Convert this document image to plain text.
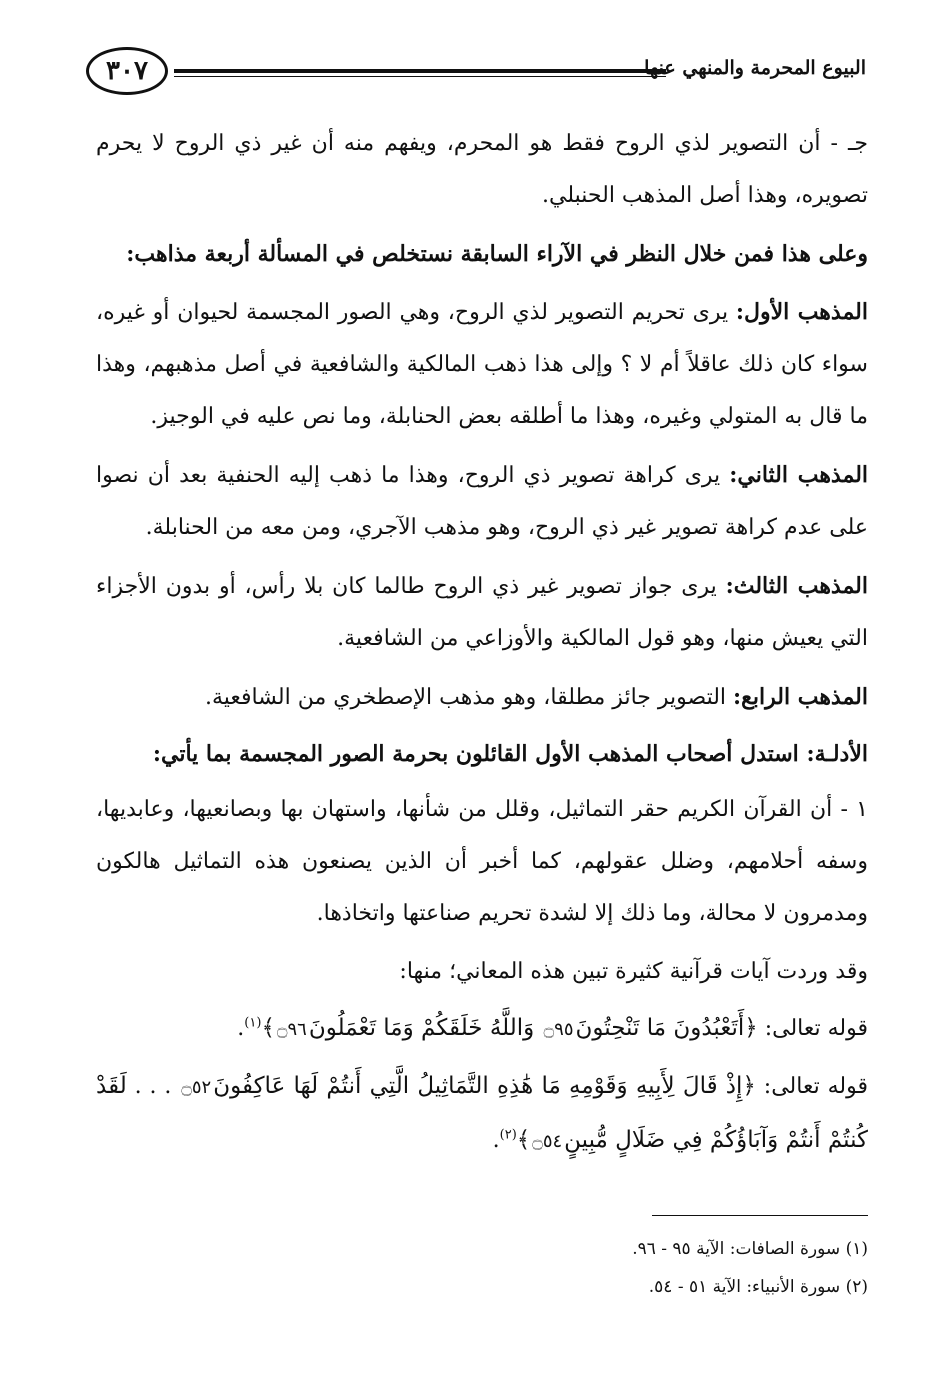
٣٠٧	البيوع المحرمة والمنهي عنها

جـ - أن التصوير لذي الروح فقط هو المحرم، ويفهم منه أن غير ذي الروح لا يحرم تصويره، وهذا أصل المذهب الحنبلي.

وعلى هذا فمن خلال النظر في الآراء السابقة نستخلص في المسألة أربعة مذاهب:

المذهب الأول: يرى تحريم التصوير لذي الروح، وهي الصور المجسمة لحيوان أو غيره، سواء كان ذلك عاقلاً أم لا ؟ وإلى هذا ذهب المالكية والشافعية في أصل مذهبهم، وهذا ما قال به المتولي وغيره، وهذا ما أطلقه بعض الحنابلة، وما نص عليه في الوجيز.

المذهب الثاني: يرى كراهة تصوير ذي الروح، وهذا ما ذهب إليه الحنفية بعد أن نصوا على عدم كراهة تصوير غير ذي الروح، وهو مذهب الآجري، ومن معه من الحنابلة.

المذهب الثالث: يرى جواز تصوير غير ذي الروح طالما كان بلا رأس، أو بدون الأجزاء التي يعيش منها، وهو قول المالكية والأوزاعي من الشافعية.

المذهب الرابع: التصوير جائز مطلقا، وهو مذهب الإصطخري من الشافعية.

الأدلـة: استدل أصحاب المذهب الأول القائلون بحرمة الصور المجسمة بما يأتي:

١ - أن القرآن الكريم حقر التماثيل، وقلل من شأنها، واستهان بها وبصانعيها، وعابديها، وسفه أحلامهم، وضلل عقولهم، كما أخبر أن الذين يصنعون هذه التماثيل هالكون ومدمرون لا محالة، وما ذلك إلا لشدة تحريم صناعتها واتخاذها.

وقد وردت آيات قرآنية كثيرة تبين هذه المعاني؛ منها:

قوله تعالى: ﴿أَتَعْبُدُونَ مَا تَنْحِتُونَ۝٩٥ وَاللَّهُ خَلَقَكُمْ وَمَا تَعْمَلُونَ۝٩٦﴾$^{(١)}$.

قوله تعالى: ﴿إِذْ قَالَ لِأَبِيهِ وَقَوْمِهِ مَا هَٰذِهِ التَّمَاثِيلُ الَّتِي أَنتُمْ لَهَا عَاكِفُونَ۝٥٢ . . . لَقَدْ كُنتُمْ أَنتُمْ وَآبَاؤُكُمْ فِي ضَلَالٍ مُّبِينٍ۝٥٤﴾$^{(٢)}$.

(١) سورة الصافات: الآية ٩٥ - ٩٦.

(٢) سورة الأنبياء: الآية ٥١ - ٥٤.
